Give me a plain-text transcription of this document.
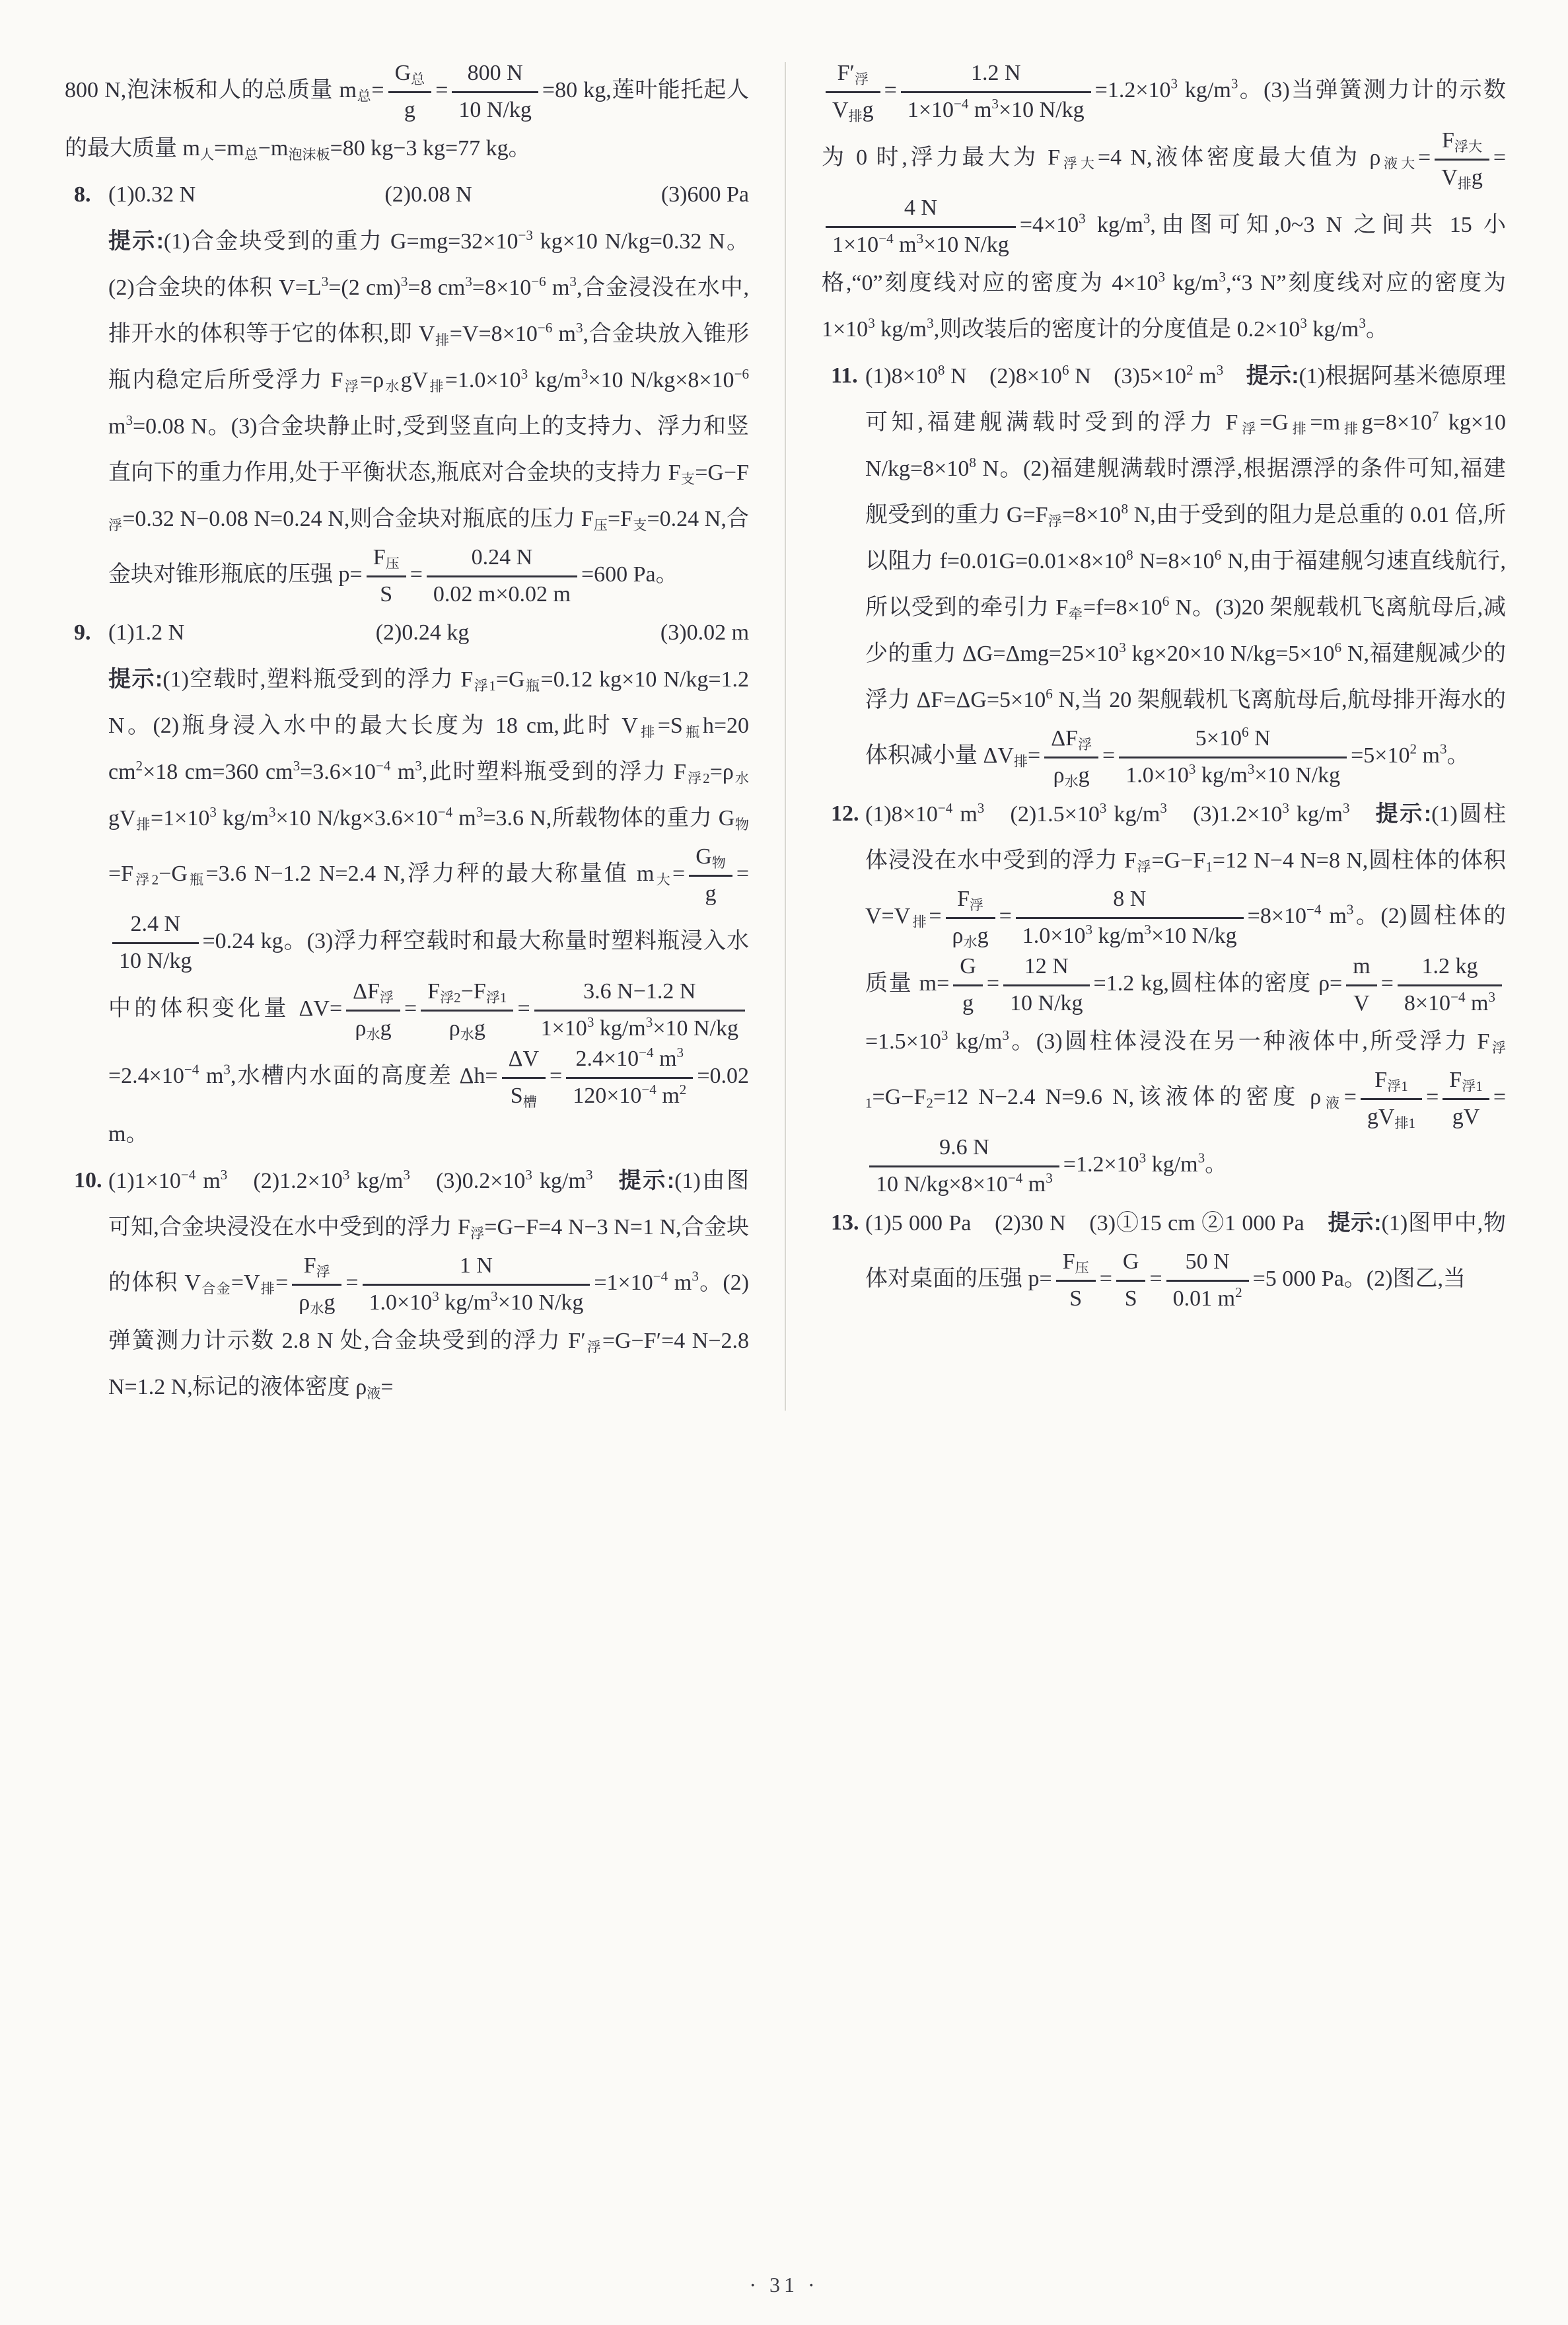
800 N,泡沫板和人的总质量 $m_总= \frac{G_总}{g} = \frac{800 N}{10 N/kg} =80$ kg,莲叶能托起人的最大质量 $m_人=m_总-m_{泡沫板}=80$ kg−3 kg=77 kg。
8. (1)0.32 N	(2)0.08 N	(3)600 Pa
提示:(1)合金块受到的重力 $G=mg=32\times 10^{-3}$ kg×10 N/kg=0.32 N。(2)合金块的体积 $V=L^3=(2$ cm)$^3$=8 $cm^3=8\times 10^{-6}$ $m^3$,合金浸没在水中,排开水的体积等于它的体积,即 $V_排=V=8\times 10^{-6}$ $m^3$,合金块放入锥形瓶内稳定后所受浮力 $F_浮=\rho_水gV_排=1.0\times 10^3$ $kg/m^3\times 10$ $N/kg\times 8\times 10^{-6}$ $m^3=0.08$ N。(3)合金块静止时,受到竖直向上的支持力、浮力和竖直向下的重力作用,处于平衡状态,瓶底对合金块的支持力 $F_支=G-F_浮=0.32$ N−0.08 N=0.24 N,则合金块对瓶底的压力 $F_压=F_支=0.24$ N,合金块对锥形瓶底的压强 $p= \frac{F_压}{S} = \frac{0.24 N}{0.02 m\times 0.02 m} =600$ Pa。
9. (1)1.2 N	(2)0.24 kg	(3)0.02 m
提示:(1)空载时,塑料瓶受到的浮力 $F_{浮1}=G_瓶=0.12$ kg×10 N/kg=1.2 N。(2)瓶身浸入水中的最大长度为 18 cm,此时 $V_排=S_瓶h=20$ $cm^2\times 18$ cm=360 $cm^3=3.6\times 10^{-4}$ $m^3$,此时塑料瓶受到的浮力 $F_{浮2}=\rho_水gV_排=1\times 10^3$ $kg/m^3\times 10$ $N/kg\times 3.6\times 10^{-4}$ $m^3=3.6$ N,所载物体的重力 $G_物=F_{浮2}-G_瓶=3.6$ N−1.2 N=2.4 N,浮力秤的最大称量值 $m_大= \frac{G_物}{g}$ =
$\frac{2.4 N}{10 N/kg} =0.24$ kg。(3)浮力秤空载时和最大称量时塑料瓶浸入水中的体积变化量 $\Delta V= \frac{\Delta F_浮}{\rho_水g} = \frac{F_{浮2}-F_{浮1}}{\rho_水g} = \frac{3.6 N-1.2 N}{1\times 10^3 kg/m^3\times 10 N/kg}$
$=2.4\times 10^{-4}$ $m^3$,水槽内水面的高度差 $\Delta h= \frac{\Delta V}{S_槽} = \frac{2.4\times 10^{-4} m^3}{120\times 10^{-4} m^2} =0.02$ m。
10. $(1)1\times 10^{-4}$ $m^3$　$(2)1.2\times 10^3$ $kg/m^3$　$(3)0.2\times 10^3$ $kg/m^3$　 提示:(1)由图可知,合金块浸没在水中受到的浮力 $F_浮=G-F=4$ N−3 N=1 N,合金块的体积 $V_{合金}=V_排= \frac{F_浮}{\rho_水g} = \frac{1 N}{1.0\times 10^3 kg/m^3\times 10 N/kg} =1\times 10^{-4}$ $m^3$。(2)弹簧测力计示数 2.8 N 处,合金块受到的浮力 $F'_浮=G-F'=4$ N−2.8 N=1.2 N,标记的液体密度 $\rho_液=$
$\frac{F'_浮}{V_排g} = \frac{1.2 N}{1\times 10^{-4} m^3\times 10 N/kg} =1.2\times 10^3$ $kg/m^3$。(3)当弹簧测力计的示数为 0 时,浮力最大为 $F_{浮大}=4$ N,液体密度最大值为 $\rho_{液大}= \frac{F_{浮大}}{V_排g}$ =
$\frac{4 N}{1\times 10^{-4} m^3\times 10 N/kg} =4\times 10^3$ $kg/m^3$,由图可知,0~3 N 之间共 15 小格,“0”刻度线对应的密度为 $4\times 10^3$ $kg/m^3,“3$ N”刻度线对应的密度为 $1\times 10^3$ $kg/m^3$,则改装后的密度计的分度值是 $0.2\times 10^3$ $kg/m^3$。
11. $(1)8\times 10^8$ N　$(2)8\times 10^6$ N　$(3)5\times 10^2$ $m^3$　 提示:(1)根据阿基米德原理可知,福建舰满载时受到的浮力 $F_浮=G_排=m_排g=8\times 10^7$ kg×10 $N/kg=8\times 10^8$ N。(2)福建舰满载时漂浮,根据漂浮的条件可知,福建舰受到的重力 $G=F_浮=8\times 10^8$ N,由于受到的阻力是总重的 0.01 倍,所以阻力 $f=0.01G=0.01\times 8\times 10^8$ $N=8\times 10^6$ N,由于福建舰匀速直线航行,所以受到的牵引力 $F_牵=f=8\times 10^6$ N。(3)20 架舰载机飞离航母后,减少的重力 $\Delta G=\Delta mg=25\times 10^3$ kg×20×10 $N/kg=5\times 10^6$ N,福建舰减少的浮力 $\Delta F=\Delta G=5\times 10^6$ N,当 20 架舰载机飞离航母后,航母排开海水的体积减小量 $\Delta V_排= \frac{\Delta F_浮}{\rho_水g} = \frac{5\times 10^6 N}{1.0\times 10^3 kg/m^3\times 10 N/kg} =5\times 10^2$ $m^3$。
12. $(1)8\times 10^{-4}$ $m^3$　$(2)1.5\times 10^3$ $kg/m^3$　$(3)1.2\times 10^3$ $kg/m^3$　 提示:(1)圆柱体浸没在水中受到的浮力 $F_浮=G-F_1=12$ N−4 N=8 N,圆柱体的体积 $V=V_排= \frac{F_浮}{\rho_水g} = \frac{8 N}{1.0\times 10^3 kg/m^3\times 10 N/kg} =8\times 10^{-4}$ $m^3$。(2)圆柱体的质量 $m= \frac{G}{g} = \frac{12 N}{10 N/kg} =1.2$ kg,圆柱体的密度 $\rho= \frac{m}{V} = \frac{1.2 kg}{8\times 10^{-4} m^3}$
$=1.5\times 10^3$ $kg/m^3$。(3)圆柱体浸没在另一种液体中,所受浮力 $F_{浮1}=G-F_2=12$ N−2.4 N=9.6 N,该液体的密度 $\rho_液= \frac{F_{浮1}}{gV_{排1}} = \frac{F_{浮1}}{gV}$ =
$\frac{9.6 N}{10 N/kg\times 8\times 10^{-4} m^3} =1.2\times 10^3$ $kg/m^3$。
13. (1)5 000 Pa　(2)30 N　(3)①15 cm ②1 000 Pa　提示:(1)图甲中,物体对桌面的压强 $p= \frac{F_压}{S} = \frac{G}{S} = \frac{50 N}{0.01 m^2} =5$ 000 Pa。(2)图乙,当
· 31 ·
